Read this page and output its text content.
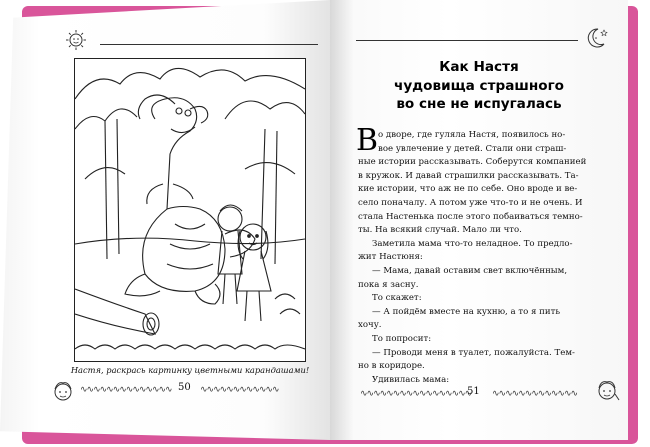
Настя, раскрась картинку цветными карандашами!
∿∿∿∿∿∿∿∿∿∿∿∿∿∿ 50 ∿∿∿∿∿∿∿∿∿∿∿∿
Как Настя
чудовища страшного
во сне не испугалась
В о дворе, где гуляла Настя, появилось но-
вое увлечение у детей. Стали они страш-
ные истории рассказывать. Соберутся компанией
в кружок. И давай страшилки рассказывать. Та-
кие истории, что аж не по себе. Оно вроде и ве-
село поначалу. А потом уже что-то и не очень. И
стала Настенька после этого побаиваться темно-
ты. На всякий случай. Мало ли что.
Заметила мама что-то неладное. То предло-
жит Настюня:
— Мама, давай оставим свет включённым,
пока я засну.
То скажет:
— А пойдём вместе на кухню, а то я пить
хочу.
То попросит:
— Проводи меня в туалет, пожалуйста. Тем-
но в коридоре.
Удивилась мама:
∿∿∿∿∿∿∿∿∿∿∿∿∿∿∿∿∿
51 ∿∿∿∿∿∿∿∿∿∿∿∿∿
